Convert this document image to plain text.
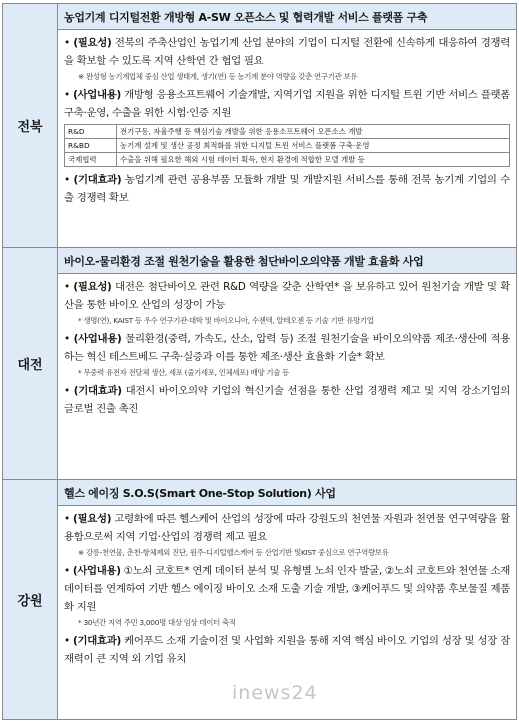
전북	농업기계 디지털전환 개방형 A-SW 오픈소스 및 협력개발 서비스 플랫폼 구축

• (필요성) 전북의 주축산업인 농업기계 산업 분야의 기업이 디지털 전환에 신속하게 대응하여 경쟁력을 확보할 수 있도록 지역 산학연 간 협업 필요

※ 완성형 농기계업체 중심 산업 생태계, 생기(연) 등 농기계 분야 역량을 갖춘 연구기관 보유

• (사업내용) 개방형 응용소프트웨어 기술개발, 지역기업 지원을 위한 디지털 트윈 기반 서비스 플랫폼 구축·운영, 수출을 위한 시험·인증 지원

R&D	전기구동, 자율주행 등 핵심기술 개발을 위한 응용소프트웨어 오픈소스 개발
R&BD	농기계 설계 및 생산 공정 최적화를 위한 디지털 트윈 서비스 플랫폼 구축·운영
국제협력	수출을 위해 필요한 해외 시험 데이터 획득, 현지 환경에 적합한 모델 개발 등

• (기대효과) 농업기계 관련 공용부품 모듈화 개발 및 개발지원 서비스를 통해 전북 농기계 기업의 수출 경쟁력 확보

대전	바이오-물리환경 조절 원천기술을 활용한 첨단바이오의약품 개발 효율화 사업

• (필요성) 대전은 첨단바이오 관련 R&D 역량을 갖춘 산학연* 을 보유하고 있어 원천기술 개발 및 확산을 통한 바이오 산업의 성장이 가능

* 생명(연), KAIST 등 우수 연구기관·대학 및 바이오니아, 수젠텍, 알테오젠 등 기술 기반 유망기업

• (사업내용) 물리환경(중력, 가속도, 산소, 압력 등) 조절 원천기술을 바이오의약품 제조·생산에 적용하는 혁신 테스트베드 구축·실증과 이를 통한 제조·생산 효율화 기술* 확보

* 무중력 유전자 전달체 생산, 세포 (줄기세포, 인체세포) 배양 기술 등

• (기대효과) 대전시 바이오의약 기업의 혁신기술 선점을 통한 산업 경쟁력 제고 및 지역 강소기업의 글로벌 진출 촉진

강원	헬스 에이징 S.O.S(Smart One-Stop Solution) 사업

• (필요성) 고령화에 따른 헬스케어 산업의 성장에 따라 강원도의 천연물 자원과 천연물 연구역량을 활용함으로써 지역 기업·산업의 경쟁력 제고 필요

※ 강릉-천연물, 춘천-항체제외 진단, 원주-디지털헬스케어 등 산업기반 및KIST 중심으로 연구역량보유

• (사업내용) ①노쇠 코호트* 연계 데이터 분석 및 유형별 노쇠 인자 발굴, ②노쇠 코호트와 천연물 소재 데이터를 연계하여 기반 헬스 에이징 바이오 소재 도출 기술 개발, ③케어푸드 및 의약품 후보물질 제품화 지원

* 30년간 지역 주민 3,000명 대상 임상 데이터 축적

• (기대효과) 케어푸드 소재 기술이전 및 사업화 지원을 통해 지역 핵심 바이오 기업의 성장 및 성장 잠재력이 큰 지역 외 기업 유치

inews24
